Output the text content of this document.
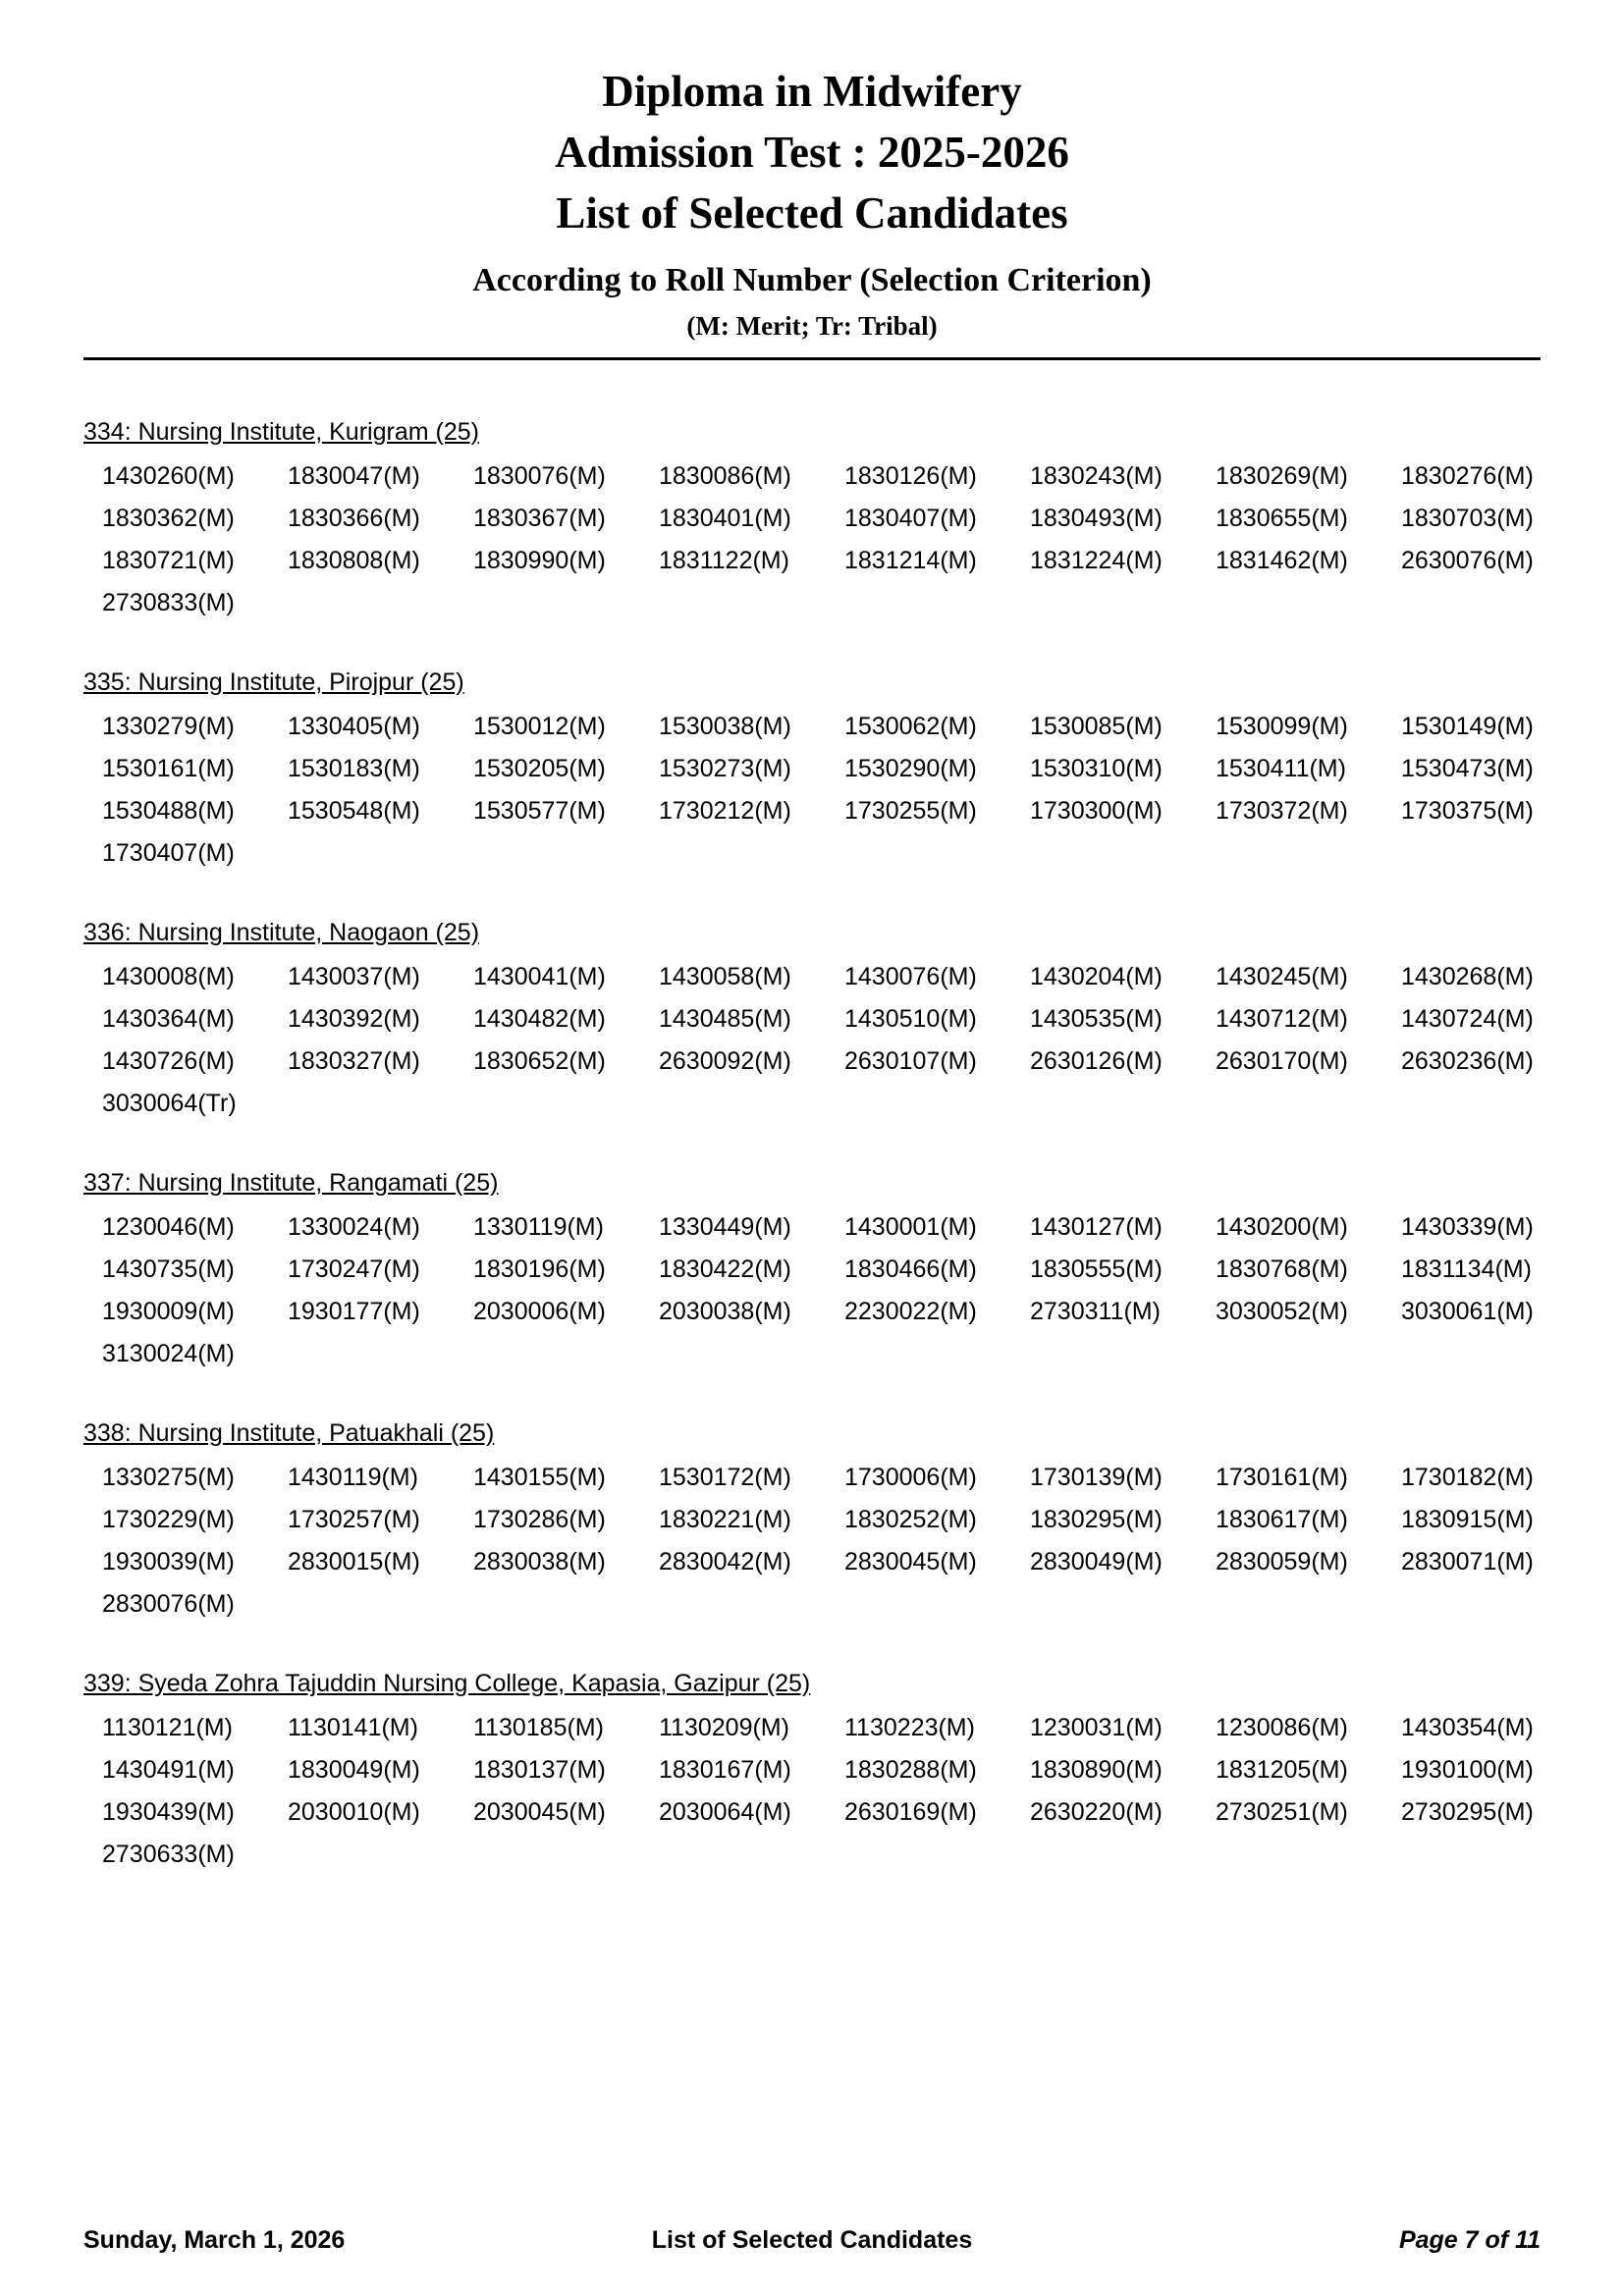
Diploma in Midwifery
Admission Test : 2025-2026
List of Selected Candidates
According to Roll Number (Selection Criterion)
(M: Merit; Tr: Tribal)
334: Nursing Institute, Kurigram (25)
1430260(M)	1830047(M)	1830076(M)	1830086(M)	1830126(M)	1830243(M)	1830269(M)	1830276(M)
1830362(M)	1830366(M)	1830367(M)	1830401(M)	1830407(M)	1830493(M)	1830655(M)	1830703(M)
1830721(M)	1830808(M)	1830990(M)	1831122(M)	1831214(M)	1831224(M)	1831462(M)	2630076(M)
2730833(M)
335: Nursing Institute, Pirojpur (25)
1330279(M)	1330405(M)	1530012(M)	1530038(M)	1530062(M)	1530085(M)	1530099(M)	1530149(M)
1530161(M)	1530183(M)	1530205(M)	1530273(M)	1530290(M)	1530310(M)	1530411(M)	1530473(M)
1530488(M)	1530548(M)	1530577(M)	1730212(M)	1730255(M)	1730300(M)	1730372(M)	1730375(M)
1730407(M)
336: Nursing Institute, Naogaon (25)
1430008(M)	1430037(M)	1430041(M)	1430058(M)	1430076(M)	1430204(M)	1430245(M)	1430268(M)
1430364(M)	1430392(M)	1430482(M)	1430485(M)	1430510(M)	1430535(M)	1430712(M)	1430724(M)
1430726(M)	1830327(M)	1830652(M)	2630092(M)	2630107(M)	2630126(M)	2630170(M)	2630236(M)
3030064(Tr)
337: Nursing Institute, Rangamati (25)
1230046(M)	1330024(M)	1330119(M)	1330449(M)	1430001(M)	1430127(M)	1430200(M)	1430339(M)
1430735(M)	1730247(M)	1830196(M)	1830422(M)	1830466(M)	1830555(M)	1830768(M)	1831134(M)
1930009(M)	1930177(M)	2030006(M)	2030038(M)	2230022(M)	2730311(M)	3030052(M)	3030061(M)
3130024(M)
338: Nursing Institute, Patuakhali (25)
1330275(M)	1430119(M)	1430155(M)	1530172(M)	1730006(M)	1730139(M)	1730161(M)	1730182(M)
1730229(M)	1730257(M)	1730286(M)	1830221(M)	1830252(M)	1830295(M)	1830617(M)	1830915(M)
1930039(M)	2830015(M)	2830038(M)	2830042(M)	2830045(M)	2830049(M)	2830059(M)	2830071(M)
2830076(M)
339: Syeda Zohra Tajuddin Nursing College, Kapasia, Gazipur (25)
1130121(M)	1130141(M)	1130185(M)	1130209(M)	1130223(M)	1230031(M)	1230086(M)	1430354(M)
1430491(M)	1830049(M)	1830137(M)	1830167(M)	1830288(M)	1830890(M)	1831205(M)	1930100(M)
1930439(M)	2030010(M)	2030045(M)	2030064(M)	2630169(M)	2630220(M)	2730251(M)	2730295(M)
2730633(M)
Sunday, March 1, 2026	List of Selected Candidates	Page 7 of 11
